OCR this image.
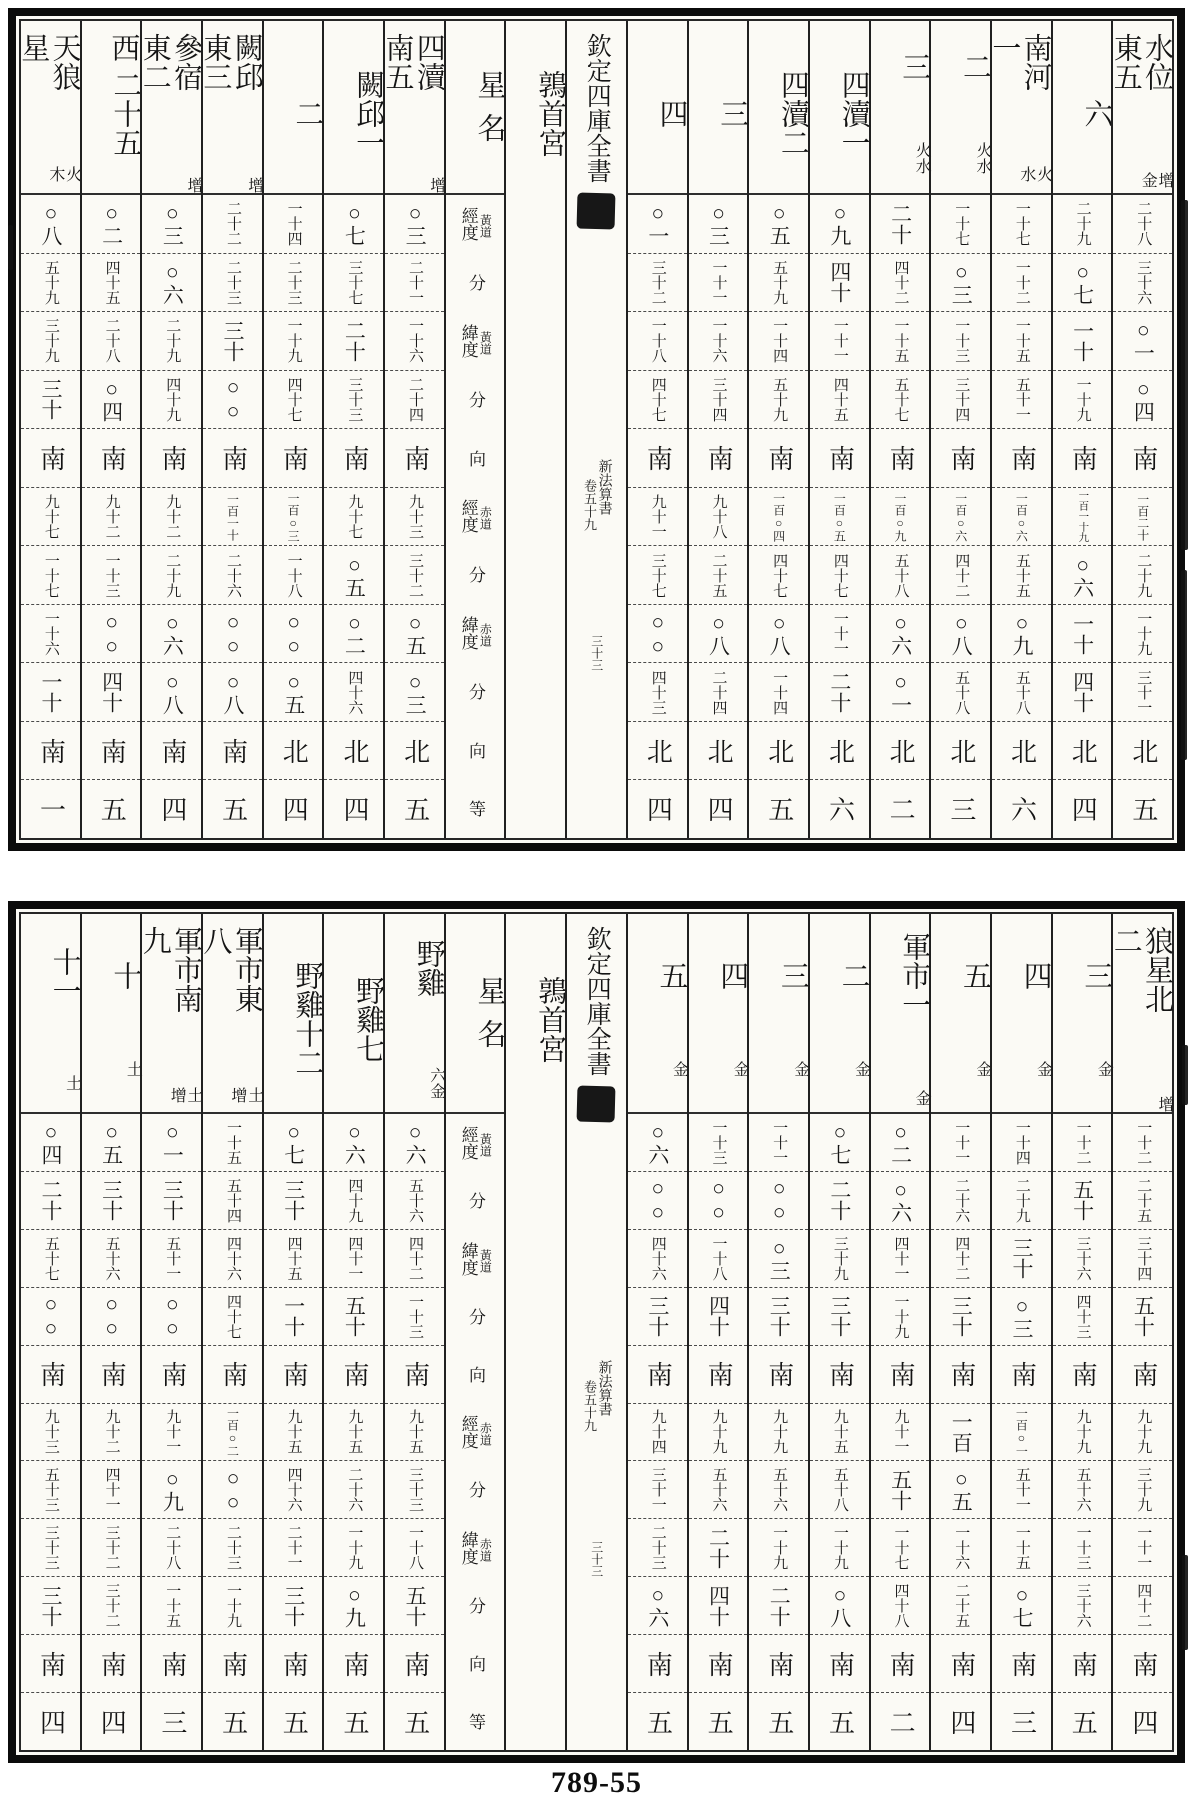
水位東五
增金
二十八
三十六
○一
○四
南
一百二十
二十九
一十九
三十一
北
五
六
二十九
○七
一十
一十九
南
一百一十九
○六
一十
四十
北
四
南河一
火水
一十七
一十二
一十五
五十一
南
一百○六
五十五
○九
五十八
北
六
二
火水
一十七
○三
一十三
三十四
南
一百○六
四十二
○八
五十八
北
三
三
火水
二十
四十二
一十五
五十七
南
一百○九
五十八
○六
○一
北
二
四瀆一
○九
四十
一十一
四十五
南
一百○五
四十七
一十一
二十
北
六
四瀆二
○五
五十九
一十四
五十九
南
一百○四
四十七
○八
一十四
北
五
三
○三
一十一
一十六
三十四
南
九十八
二十五
○八
二十四
北
四
四
○一
三十二
一十八
四十七
南
九十一
三十七
○○
四十三
北
四
欽定四庫全書
卷五十九 新法算書
三十三
鶉首宮
星名
經度 黃道
分
緯度 黃道
分
向
經度 赤道
分
緯度 赤道
分
向
等
四瀆南五
增
○三
二十一
一十六
二十四
南
九十三
三十二
○五
○三
北
五
闕邱一
○七
三十七
二十
三十三
南
九十七
○五
○二
四十六
北
四
二
一十四
二十三
一十九
四十七
南
一百○三
一十八
○○
○五
北
四
闕邱東三
增
二十二
二十三
三十
○○
南
一百一十
二十六
○○
○八
南
五
參宿東二西
增
○三
○六
二十九
四十九
南
九十二
二十九
○六
○八
南
四
二十五
○二
四十五
二十八
○四
南
九十二
一十三
○○
四十
南
五
天狼星
火木
○八
五十九
三十九
三十
南
九十七
一十七
一十六
一十
南
一
狼星北二
增
一十二
二十五
三十四
五十
南
九十九
三十九
一十一
四十二
南
四
三
金
一十二
五十
三十六
四十三
南
九十九
五十六
一十三
三十六
南
五
四
金
一十四
二十九
三十
○三
南
一百○一
五十一
一十五
○七
南
三
五
金
一十一
二十六
四十二
三十
南
一百
○五
一十六
二十五
南
四
軍市一
金
○二
○六
四十一
一十九
南
九十一
五十
一十七
四十八
南
二
二
金
○七
二十
三十九
三十
南
九十五
五十八
一十九
○八
南
五
三
金
一十一
○○
○三
三十
南
九十九
五十六
一十九
二十
南
五
四
金
一十三
○○
一十八
四十
南
九十九
五十六
二十
四十
南
五
五
金
○六
○○
四十六
三十
南
九十四
三十一
二十三
○六
南
五
欽定四庫全書
卷五十九 新法算書
三十三
鶉首宮
星名
經度 黃道
分
緯度 黃道
分
向
經度 赤道
分
緯度 赤道
分
向
等
野雞
六金
○六
五十六
四十二
一十三
南
九十五
三十三
一十八
五十
南
五
野雞七
○六
四十九
四十一
五十
南
九十五
二十六
一十九
○九
南
五
野雞十二
○七
三十
四十五
一十
南
九十五
四十六
二十一
三十
南
五
軍市東八
土增
一十五
五十四
四十六
四十七
南
一百○二
○○
二十三
一十九
南
五
軍市南九
土增
○一
三十
五十一
○○
南
九十一
○九
二十八
一十五
南
三
十
土
○五
三十
五十六
○○
南
九十二
四十一
三十二
三十二
南
四
十一
土
○四
二十
五十七
○○
南
九十三
五十三
三十三
三十
南
四
789-55
